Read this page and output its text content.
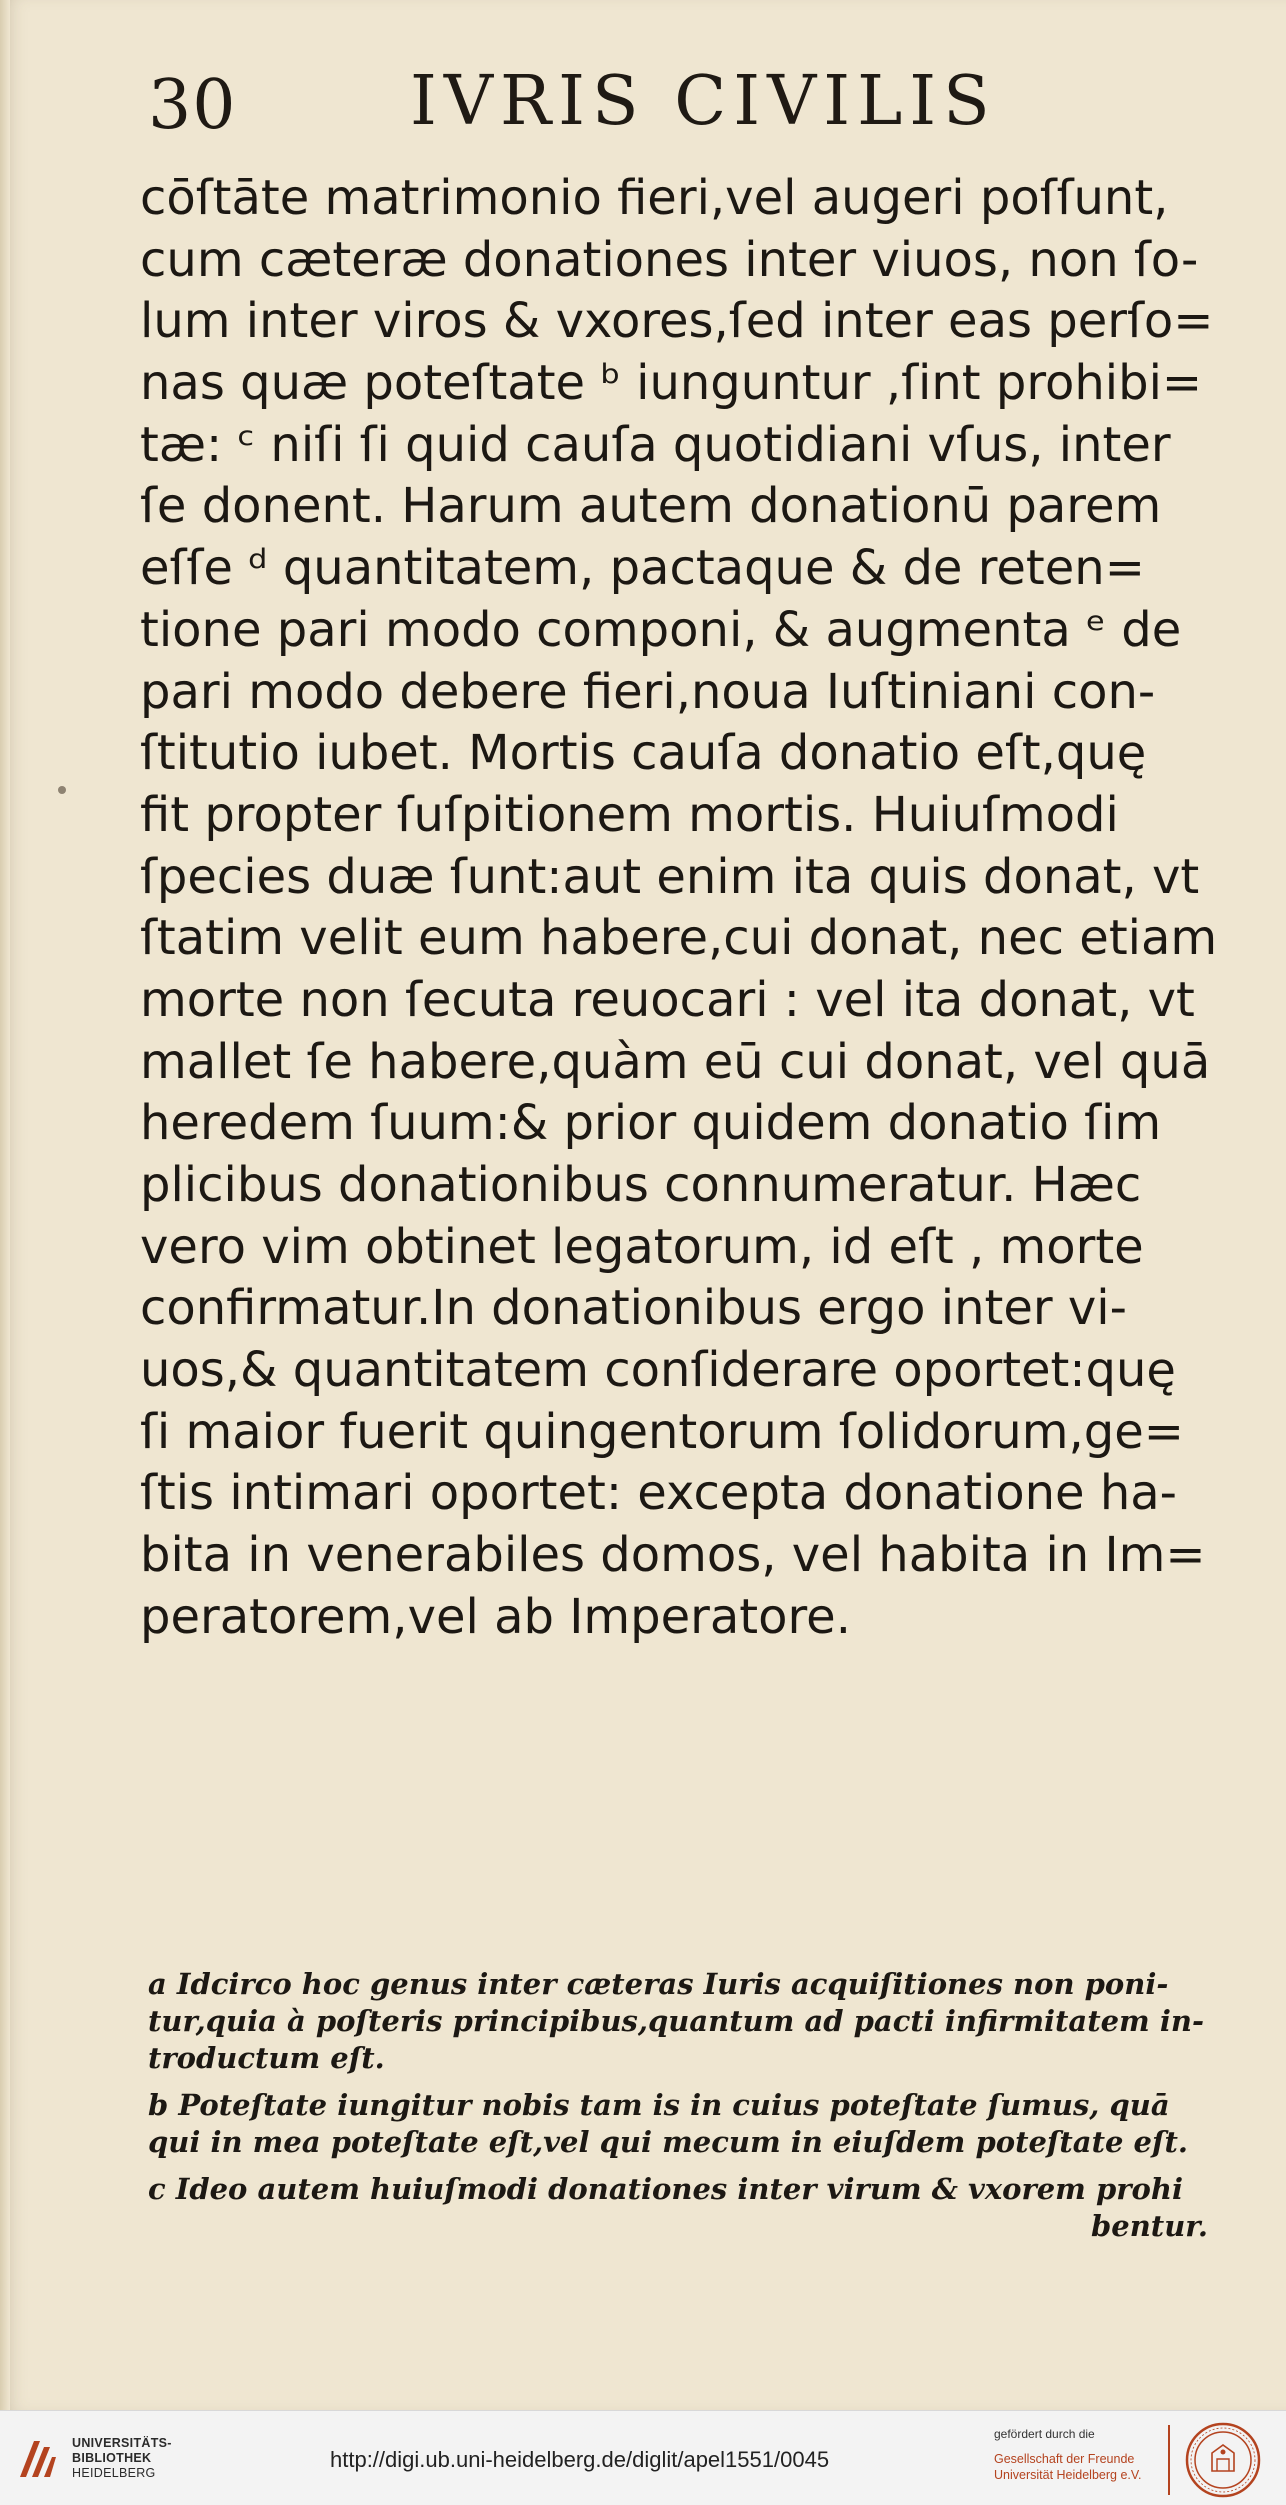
30	IVRIS CIVILIS
cōſtāte matrimonio fieri,vel augeri poſſunt,
cum cæteræ donationes inter viuos, non ſo-
lum inter viros & vxores,ſed inter eas perſo=
nas quæ poteſtate ᵇ iunguntur ,ſint prohibi=
tæ: ᶜ niſi ſi quid cauſa quotidiani vſus, inter
ſe donent. Harum autem donationū parem
eſſe ᵈ quantitatem, pactaque & de reten=
tione pari modo componi, & augmenta ᵉ de
pari modo debere fieri,noua Iuſtiniani con-
ſtitutio iubet. Mortis cauſa donatio eſt,quę
fit propter ſuſpitionem mortis. Huiuſmodi
ſpecies duæ ſunt:aut enim ita quis donat, vt
ſtatim velit eum habere,cui donat, nec etiam
morte non ſecuta reuocari : vel ita donat, vt
mallet ſe habere,quàm eū cui donat, vel quā
heredem ſuum:& prior quidem donatio ſim
plicibus donationibus connumeratur. Hæc
vero vim obtinet legatorum, id eſt , morte
confirmatur.In donationibus ergo inter vi-
uos,& quantitatem conſiderare oportet:quę
ſi maior fuerit quingentorum ſolidorum,ge=
ſtis intimari oportet: excepta donatione ha-
bita in venerabiles domos, vel habita in Im=
peratorem,vel ab Imperatore.
a Idcirco hoc genus inter cæteras Iuris acquiſitiones non poni-
tur,quia à poſteris principibus,quantum ad pacti infirmitatem in-
troductum eſt.
b Poteſtate iungitur nobis tam is in cuius poteſtate ſumus, quā
qui in mea poteſtate eſt,vel qui mecum in eiuſdem poteſtate eſt.
c Ideo autem huiuſmodi donationes inter virum & vxorem prohi
bentur.
UNIVERSITÄTS-
BIBLIOTHEK
HEIDELBERG
http://digi.ub.uni-heidelberg.de/diglit/apel1551/0045
gefördert durch die
Gesellschaft der Freunde
Universität Heidelberg e.V.
